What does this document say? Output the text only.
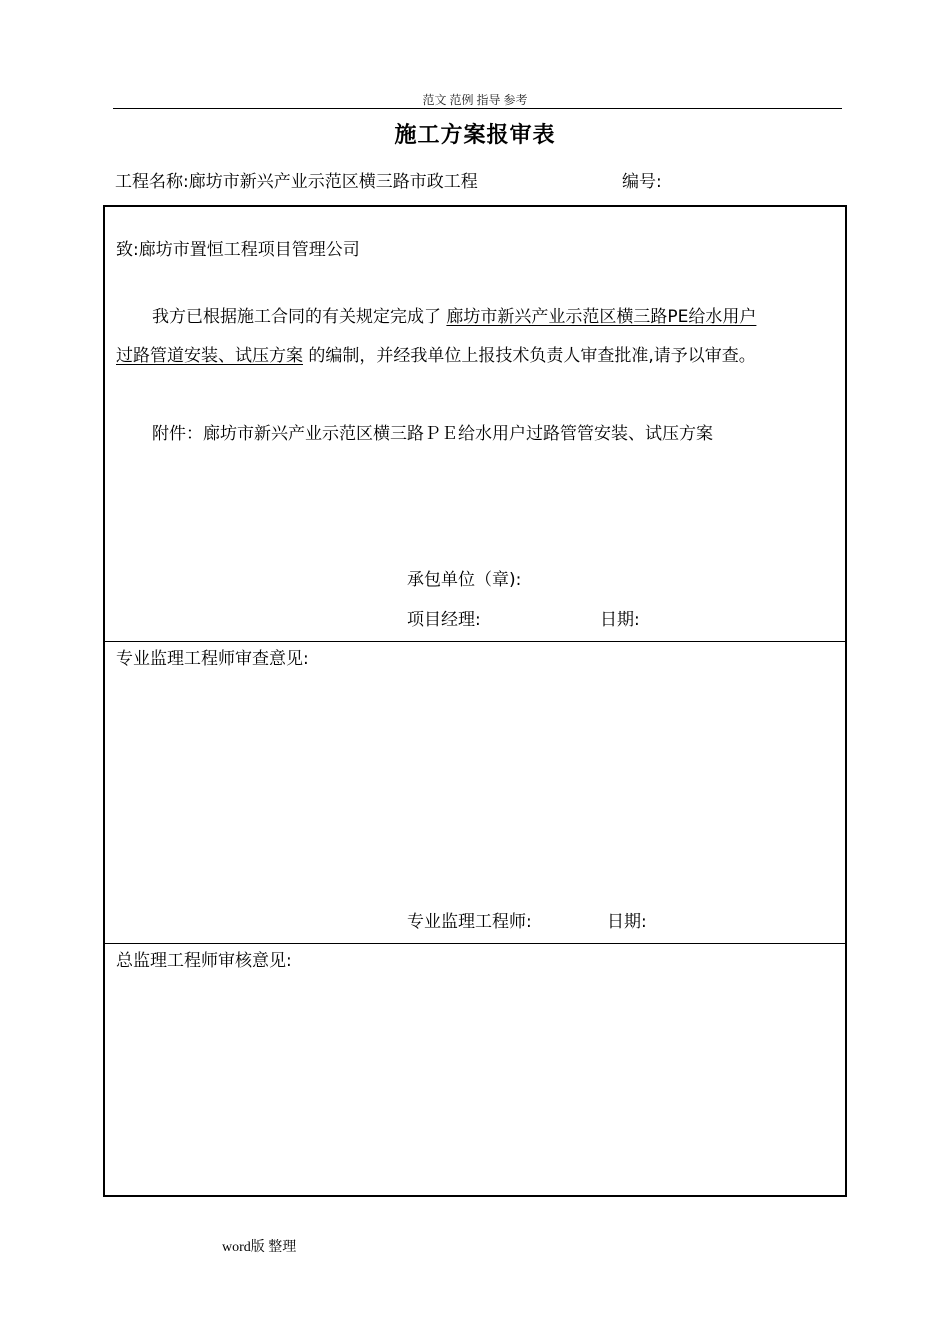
范文 范例 指导 参考
施工方案报审表
工程名称:廊坊市新兴产业示范区横三路市政工程	编号:
致:廊坊市置恒工程项目管理公司
我方已根据施工合同的有关规定完成了 廊坊市新兴产业示范区横三路PE给水用户
过路管道安装、试压方案 的编制，并经我单位上报技术负责人审查批准,请予以审查。
附件：廊坊市新兴产业示范区横三路ＰＥ给水用户过路管管安装、试压方案
承包单位（章):
项目经理:	日期:
专业监理工程师审查意见:
专业监理工程师:	日期:
总监理工程师审核意见:
word版 整理
